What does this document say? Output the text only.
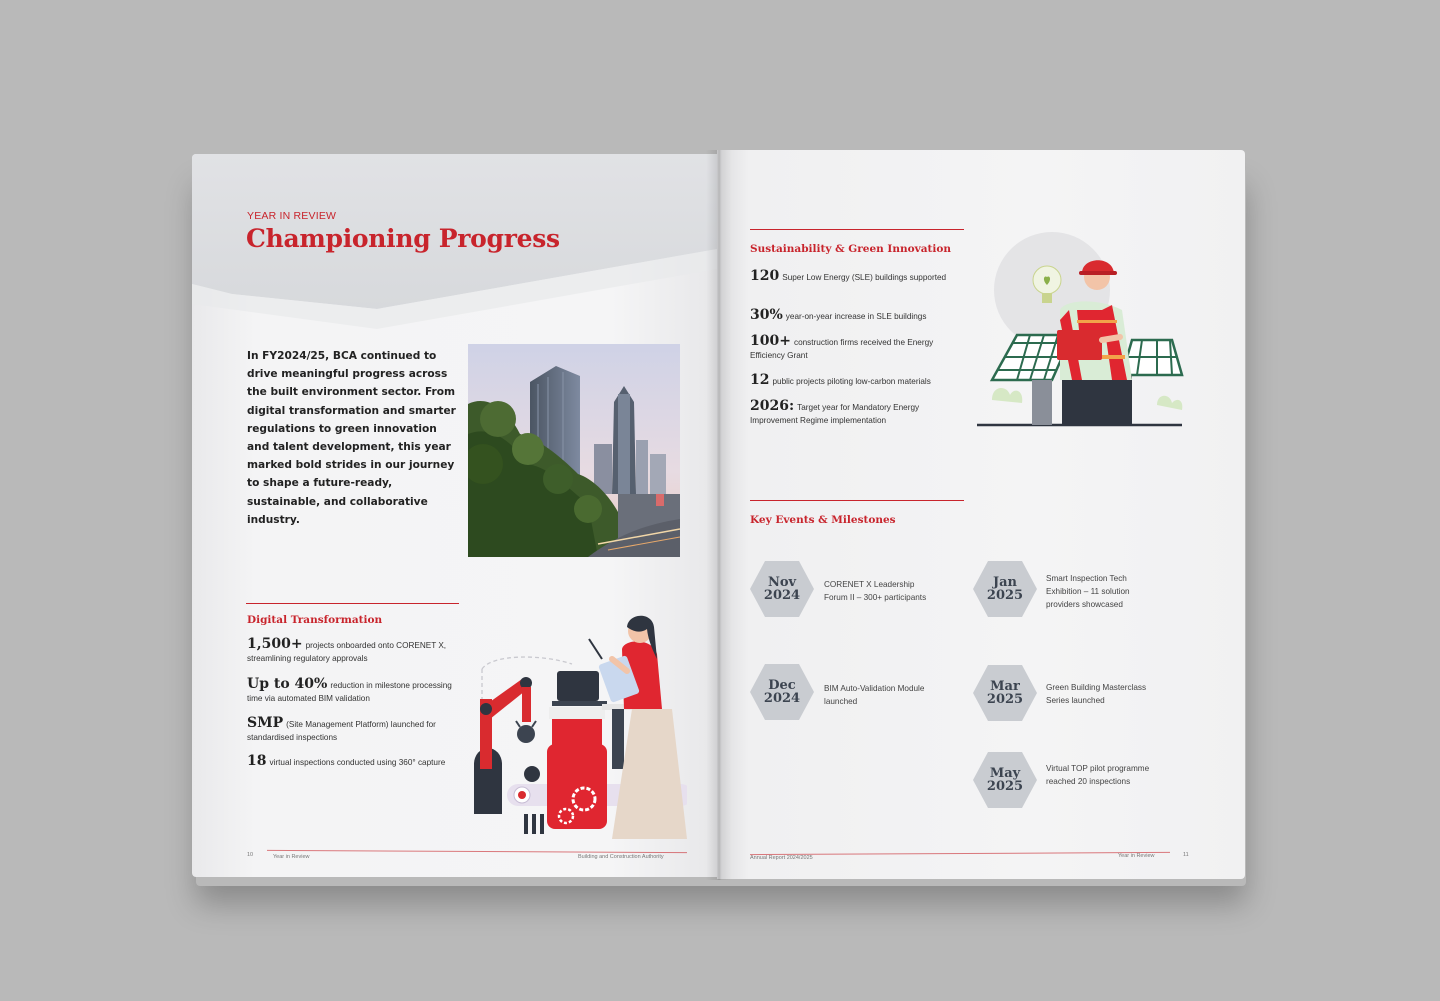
YEAR IN REVIEW
Championing Progress
In FY2024/25, BCA continued to drive meaningful progress across the built environment sector. From digital transformation and smarter regulations to green innovation and talent development, this year marked bold strides in our journey to shape a future-ready, sustainable, and collaborative industry.
Digital Transformation
1,500+ projects onboarded onto CORENET X, streamlining regulatory approvals
Up to 40% reduction in milestone processing time via automated BIM validation
SMP (Site Management Platform) launched for standardised inspections
18 virtual inspections conducted using 360° capture
10	Year in Review	Building and Construction Authority
Sustainability & Green Innovation
120 Super Low Energy (SLE) buildings supported
30% year-on-year increase in SLE buildings
100+ construction firms received the Energy Efficiency Grant
12 public projects piloting low-carbon materials
2026: Target year for Mandatory Energy Improvement Regime implementation
Key Events & Milestones
Nov
2024
CORENET X Leadership Forum II – 300+ participants
Dec
2024
BIM Auto-Validation Module launched
Jan
2025
Smart Inspection Tech Exhibition – 11 solution providers showcased
Mar
2025
Green Building Masterclass Series launched
May
2025
Virtual TOP pilot programme reached 20 inspections
Annual Report 2024/2025	Year in Review	11
